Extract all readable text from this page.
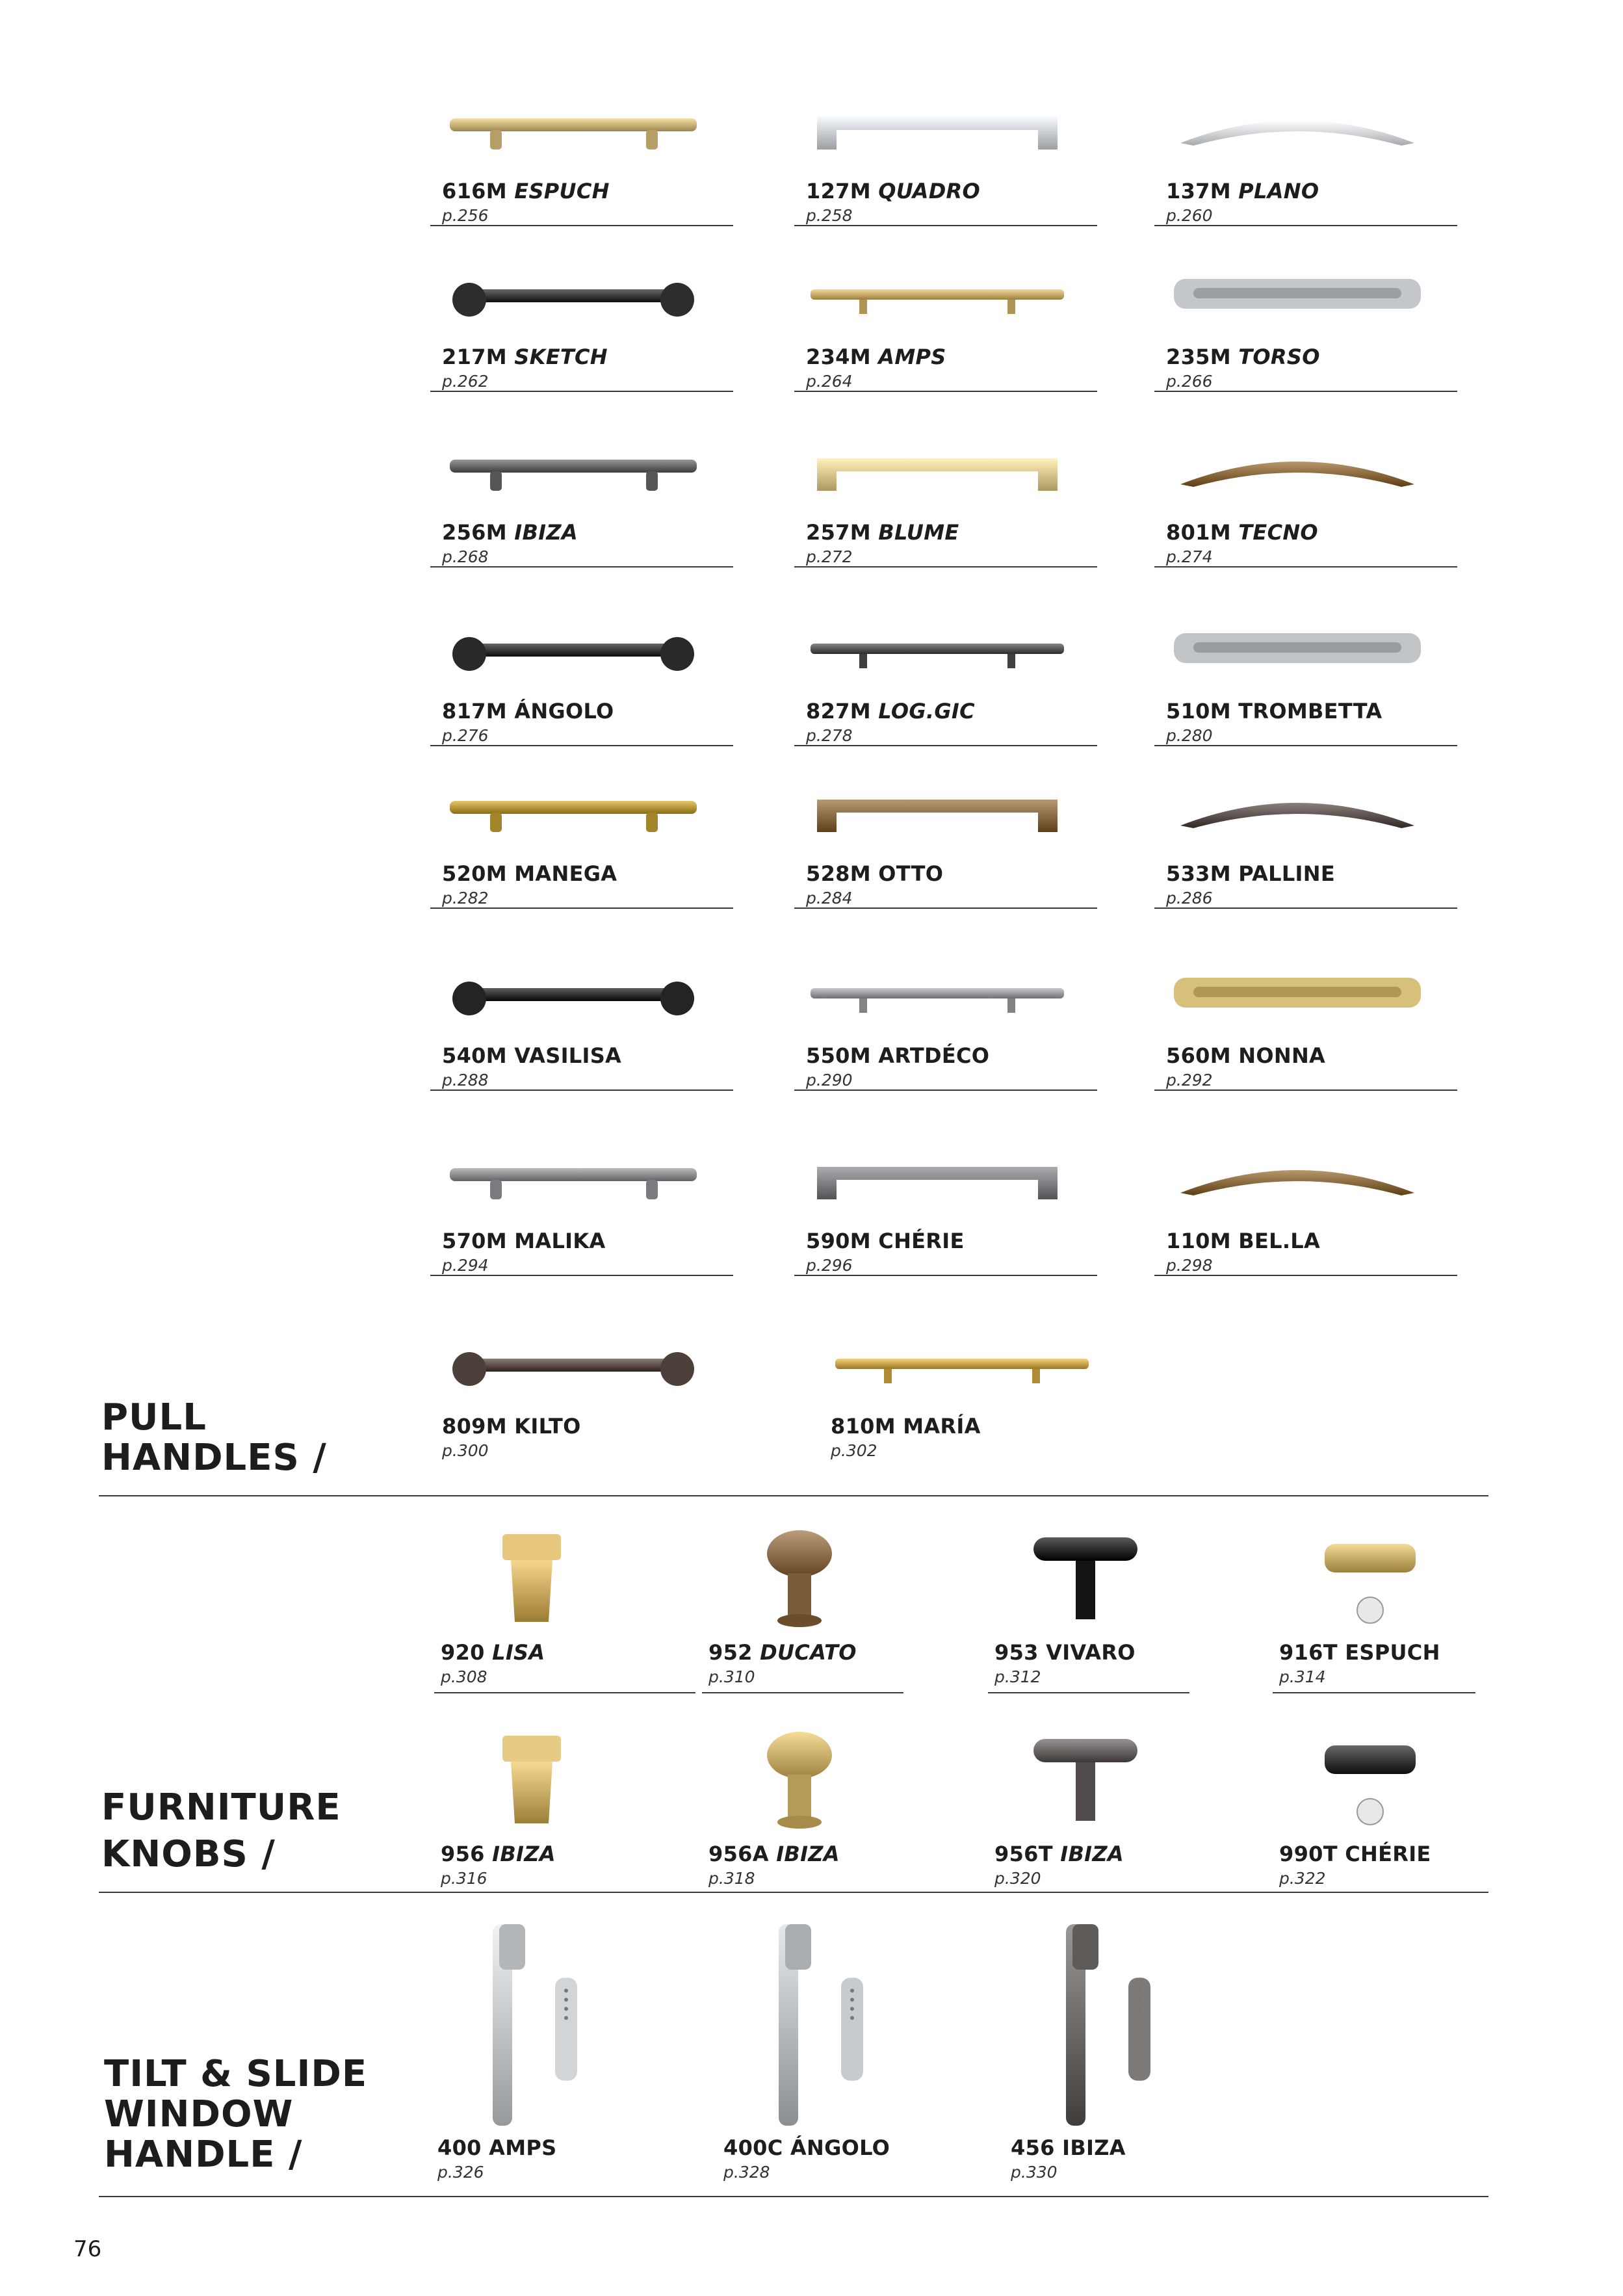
PULL
HANDLES /
FURNITURE
KNOBS /
TILT & SLIDE
WINDOW
HANDLE /
616M ESPUCH
p.256
127M QUADRO
p.258
137M PLANO
p.260
217M SKETCH
p.262
234M AMPS
p.264
235M TORSO
p.266
256M IBIZA
p.268
257M BLUME
p.272
801M TECNO
p.274
817M ÁNGOLO
p.276
827M LOG.GIC
p.278
510M TROMBETTA
p.280
520M MANEGA
p.282
528M OTTO
p.284
533M PALLINE
p.286
540M VASILISA
p.288
550M ARTDÉCO
p.290
560M NONNA
p.292
570M MALIKA
p.294
590M CHÉRIE
p.296
110M BEL.LA
p.298
809M KILTO
p.300
810M MARÍA
p.302
920 LISA
p.308
952 DUCATO
p.310
953 VIVARO
p.312
916T ESPUCH
p.314
956 IBIZA
p.316
956A IBIZA
p.318
956T IBIZA
p.320
990T CHÉRIE
p.322
400 AMPS
p.326
400C ÁNGOLO
p.328
456 IBIZA
p.330
76
